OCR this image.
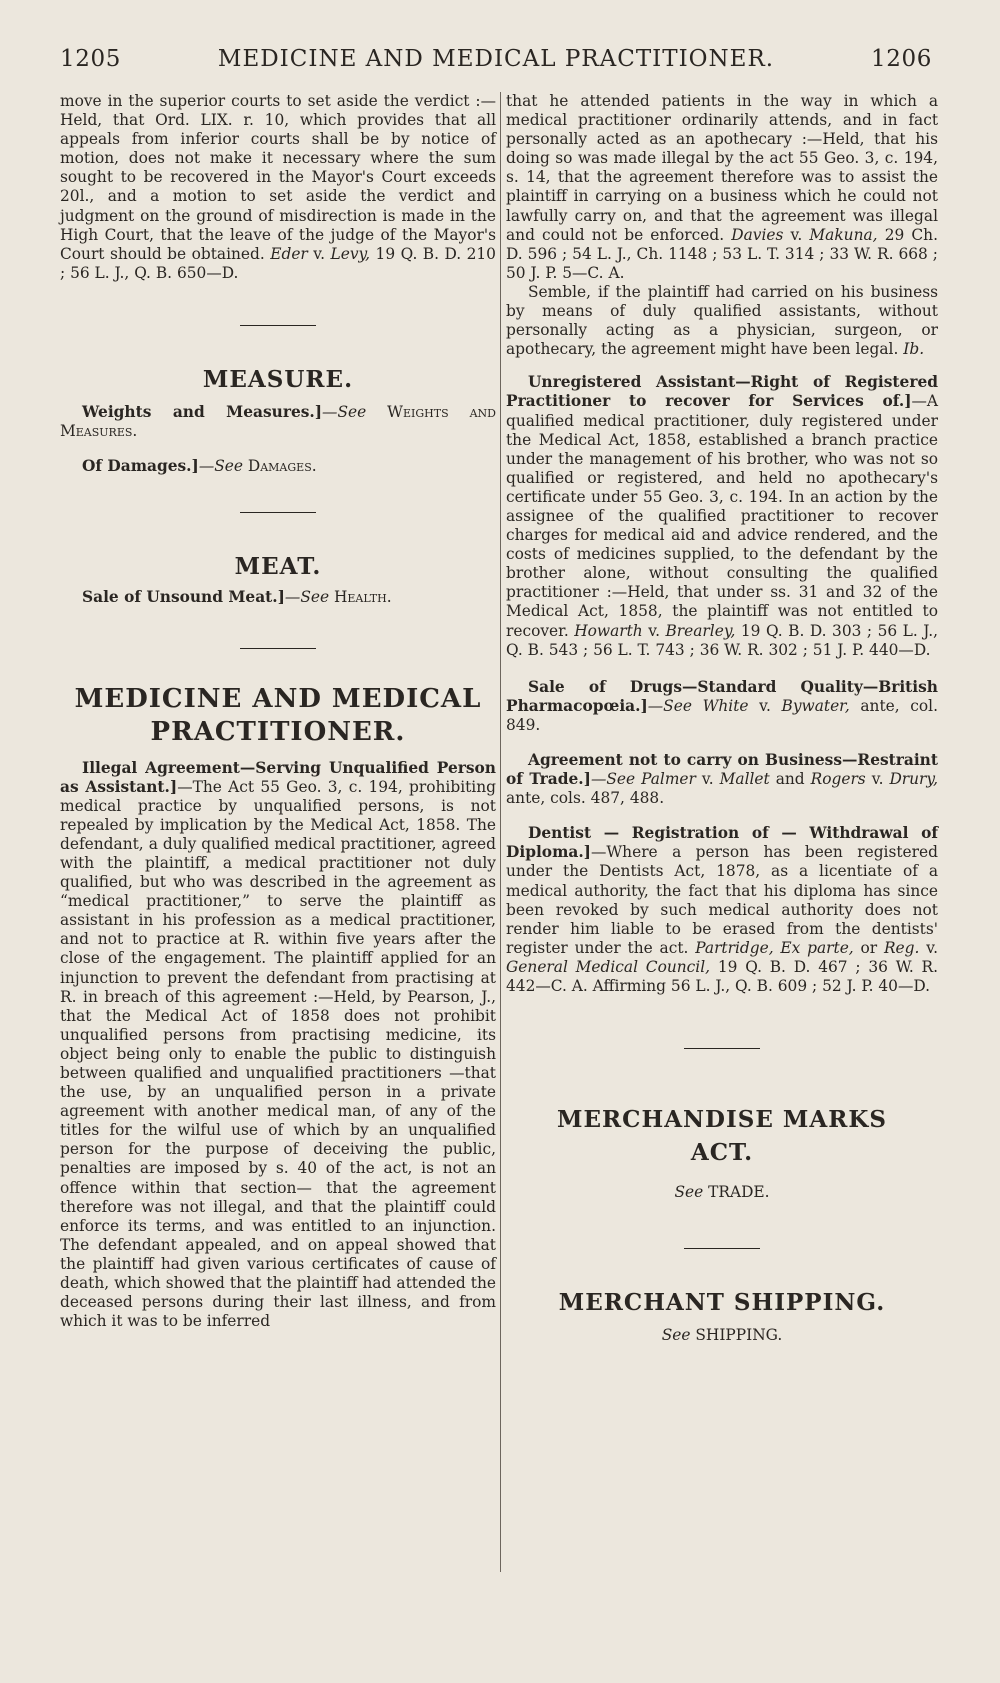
1205	MEDICINE AND MEDICAL PRACTITIONER.	1206

move in the superior courts to set aside the verdict :—Held, that Ord. LIX. r. 10, which provides that all appeals from inferior courts shall be by notice of motion, does not make it necessary where the sum sought to be recovered in the Mayor's Court exceeds 20l., and a motion to set aside the verdict and judgment on the ground of misdirection is made in the High Court, that the leave of the judge of the Mayor's Court should be obtained. Eder v. Levy, 19 Q. B. D. 210 ; 56 L. J., Q. B. 650—D.

MEASURE.

Weights and Measures.]—See Weights and Measures.

Of Damages.]—See Damages.

MEAT.

Sale of Unsound Meat.]—See Health.

MEDICINE AND MEDICAL
PRACTITIONER.

Illegal Agreement—Serving Unqualified Person as Assistant.]—The Act 55 Geo. 3, c. 194, prohibiting medical practice by unqualified persons, is not repealed by implication by the Medical Act, 1858. The defendant, a duly qualified medical practitioner, agreed with the plaintiff, a medical practitioner not duly qualified, but who was described in the agreement as “medical practitioner,” to serve the plaintiff as assistant in his profession as a medical practitioner, and not to practice at R. within five years after the close of the engagement. The plaintiff applied for an injunction to prevent the defendant from practising at R. in breach of this agreement :—Held, by Pearson, J., that the Medical Act of 1858 does not prohibit unqualified persons from practising medicine, its object being only to enable the public to distinguish between qualified and unqualified practitioners —that the use, by an unqualified person in a private agreement with another medical man, of any of the titles for the wilful use of which by an unqualified person for the purpose of deceiving the public, penalties are imposed by s. 40 of the act, is not an offence within that section— that the agreement therefore was not illegal, and that the plaintiff could enforce its terms, and was entitled to an injunction. The defendant appealed, and on appeal showed that the plaintiff had given various certificates of cause of death, which showed that the plaintiff had attended the deceased persons during their last illness, and from which it was to be inferred

that he attended patients in the way in which a medical practitioner ordinarily attends, and in fact personally acted as an apothecary :—Held, that his doing so was made illegal by the act 55 Geo. 3, c. 194, s. 14, that the agreement therefore was to assist the plaintiff in carrying on a business which he could not lawfully carry on, and that the agreement was illegal and could not be enforced. Davies v. Makuna, 29 Ch. D. 596 ; 54 L. J., Ch. 1148 ; 53 L. T. 314 ; 33 W. R. 668 ; 50 J. P. 5—C. A.

Semble, if the plaintiff had carried on his business by means of duly qualified assistants, without personally acting as a physician, surgeon, or apothecary, the agreement might have been legal. Ib.

Unregistered Assistant—Right of Registered Practitioner to recover for Services of.]—A qualified medical practitioner, duly registered under the Medical Act, 1858, established a branch practice under the management of his brother, who was not so qualified or registered, and held no apothecary's certificate under 55 Geo. 3, c. 194. In an action by the assignee of the qualified practitioner to recover charges for medical aid and advice rendered, and the costs of medicines supplied, to the defendant by the brother alone, without consulting the qualified practitioner :—Held, that under ss. 31 and 32 of the Medical Act, 1858, the plaintiff was not entitled to recover. Howarth v. Brearley, 19 Q. B. D. 303 ; 56 L. J., Q. B. 543 ; 56 L. T. 743 ; 36 W. R. 302 ; 51 J. P. 440—D.

Sale of Drugs—Standard Quality—British Pharmacopœia.]—See White v. Bywater, ante, col. 849.

Agreement not to carry on Business—Restraint of Trade.]—See Palmer v. Mallet and Rogers v. Drury, ante, cols. 487, 488.

Dentist — Registration of — Withdrawal of Diploma.]—Where a person has been registered under the Dentists Act, 1878, as a licentiate of a medical authority, the fact that his diploma has since been revoked by such medical authority does not render him liable to be erased from the dentists' register under the act. Partridge, Ex parte, or Reg. v. General Medical Council, 19 Q. B. D. 467 ; 36 W. R. 442—C. A. Affirming 56 L. J., Q. B. 609 ; 52 J. P. 40—D.

MERCHANDISE MARKS
ACT.

See TRADE.

MERCHANT SHIPPING.

See SHIPPING.
